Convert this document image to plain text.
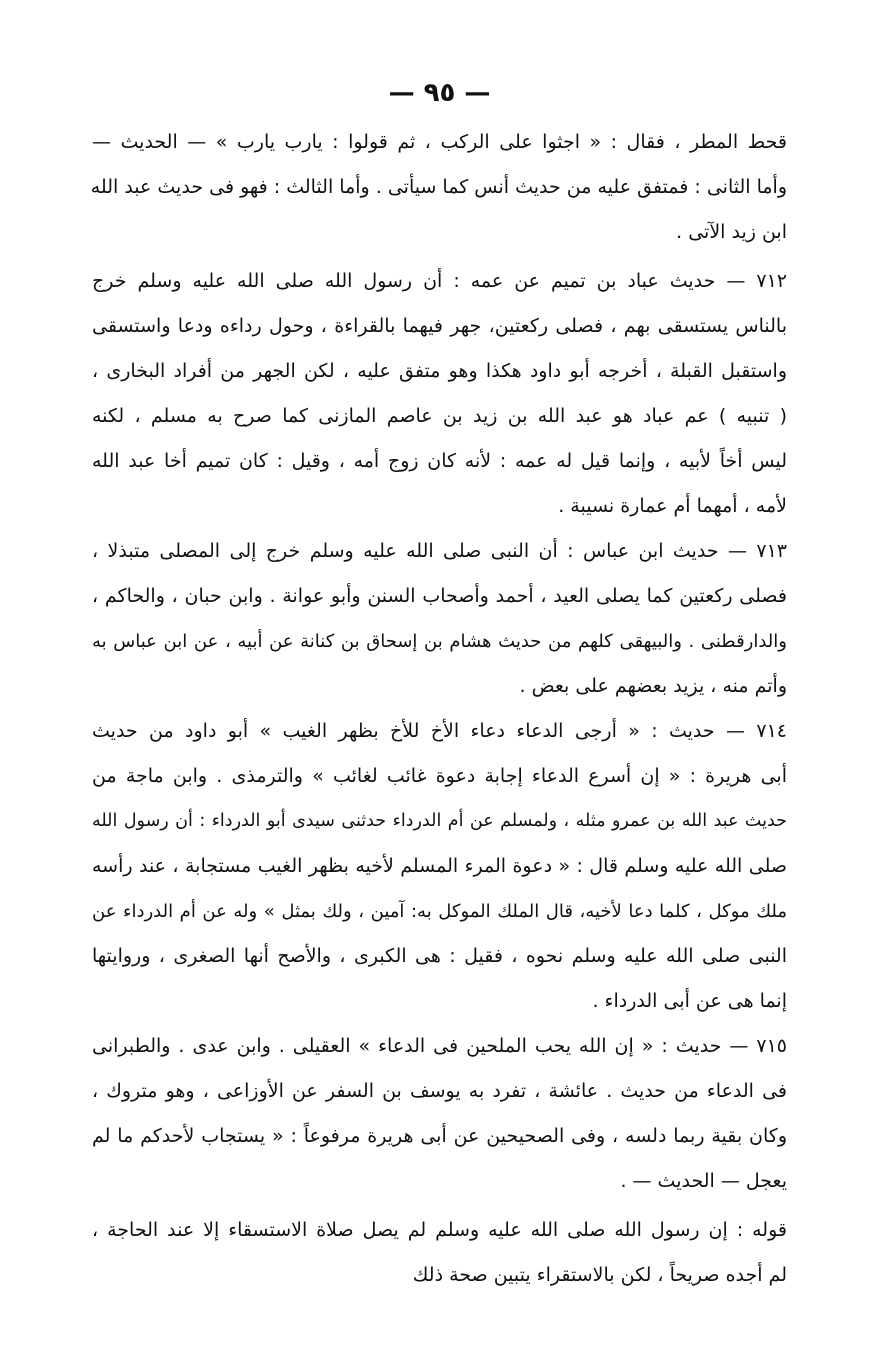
— ٩٥ —
قحط المطر ، فقال : « اجثوا على الركب ، ثم قولوا : يارب يارب » — الحديث —
وأما الثانى : فمتفق عليه من حديث أنس كما سيأتى . وأما الثالث : فهو فى حديث عبد الله
ابن زيد الآتى .
٧١٢ — حديث عباد بن تميم عن عمه : أن رسول الله صلى الله عليه وسلم خرج
بالناس يستسقى بهم ، فصلى ركعتين، جهر فيهما بالقراءة ، وحول رداءه ودعا واستسقى
واستقبل القبلة ، أخرجه أبو داود هكذا وهو متفق عليه ، لكن الجهر من أفراد البخارى ،
( تنبيه ) عم عباد هو عبد الله بن زيد بن عاصم المازنى كما صرح به مسلم ، لكنه
ليس أخاً لأبيه ، وإنما قيل له عمه : لأنه كان زوج أمه ، وقيل : كان تميم أخا عبد الله
لأمه ، أمهما أم عمارة نسيبة .
٧١٣ — حديث ابن عباس : أن النبى صلى الله عليه وسلم خرج إلى المصلى متبذلا ،
فصلى ركعتين كما يصلى العيد ، أحمد وأصحاب السنن وأبو عوانة . وابن حبان ، والحاكم ،
والدارقطنى . والبيهقى كلهم من حديث هشام بن إسحاق بن كنانة عن أبيه ، عن ابن عباس به
وأتم منه ، يزيد بعضهم على بعض .
٧١٤ — حديث : « أرجى الدعاء دعاء الأخ للأخ بظهر الغيب » أبو داود من حديث
أبى هريرة : « إن أسرع الدعاء إجابة دعوة غائب لغائب » والترمذى . وابن ماجة من
حديث عبد الله بن عمرو مثله ، ولمسلم عن أم الدرداء حدثنى سيدى أبو الدرداء : أن رسول الله
صلى الله عليه وسلم قال : « دعوة المرء المسلم لأخيه بظهر الغيب مستجابة ، عند رأسه
ملك موكل ، كلما دعا لأخيه، قال الملك الموكل به: آمين ، ولك بمثل » وله عن أم الدرداء عن
النبى صلى الله عليه وسلم نحوه ، فقيل : هى الكبرى ، والأصح أنها الصغرى ، وروايتها
إنما هى عن أبى الدرداء .
٧١٥ — حديث : « إن الله يحب الملحين فى الدعاء » العقيلى . وابن عدى . والطبرانى
فى الدعاء من حديث . عائشة ، تفرد به يوسف بن السفر عن الأوزاعى ، وهو متروك ،
وكان بقية ربما دلسه ، وفى الصحيحين عن أبى هريرة مرفوعاً : « يستجاب لأحدكم ما لم
يعجل — الحديث — .
قوله : إن رسول الله صلى الله عليه وسلم لم يصل صلاة الاستسقاء إلا عند الحاجة ،
لم أجده صريحاً ، لكن بالاستقراء يتبين صحة ذلك
